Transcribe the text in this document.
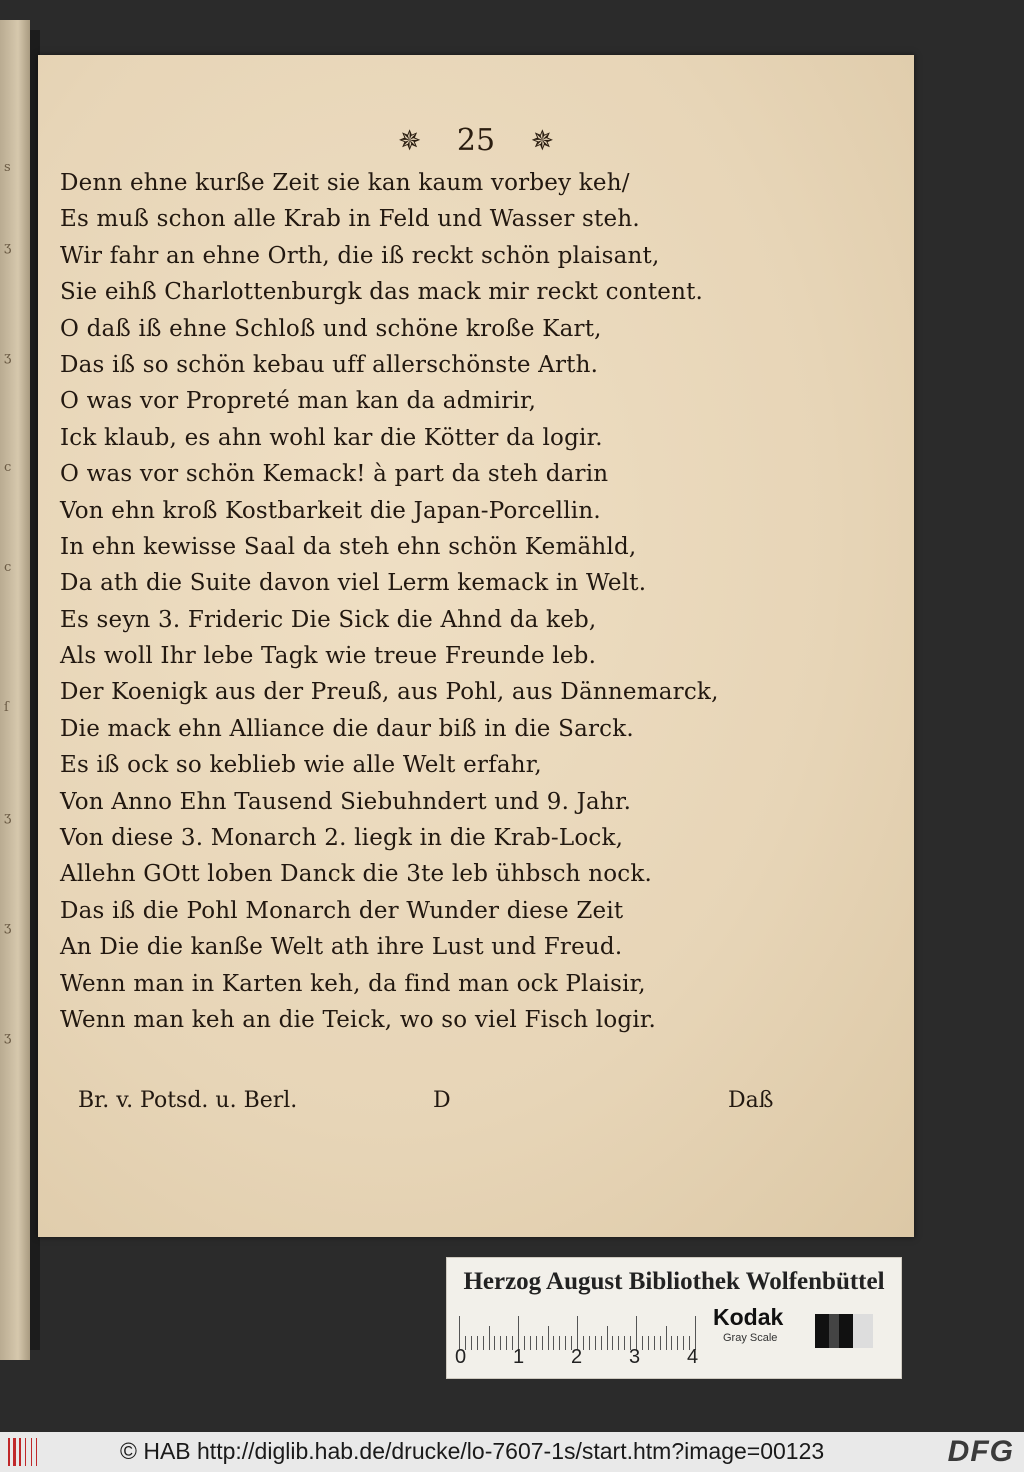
s
ʒ
ʒ
c
c
ſ
ʒ
ʒ
ʒ
✵ 25 ✵
Denn ehne kurße Zeit sie kan kaum vorbey keh/
Es muß schon alle Krab in Feld und Wasser steh.
Wir fahr an ehne Orth, die iß reckt schön plaisant,
Sie eihß Charlottenburgk das mack mir reckt content.
O daß iß ehne Schloß und schöne kroße Kart,
Das iß so schön kebau uff allerschönste Arth.
O was vor Propreté man kan da admirir,
Ick klaub, es ahn wohl kar die Kötter da logir.
O was vor schön Kemack! à part da steh darin
Von ehn kroß Kostbarkeit die Japan-Porcellin.
In ehn kewisse Saal da steh ehn schön Kemähld,
Da ath die Suite davon viel Lerm kemack in Welt.
Es seyn 3. Frideric Die Sick die Ahnd da keb,
Als woll Ihr lebe Tagk wie treue Freunde leb.
Der Koenigk aus der Preuß, aus Pohl, aus Dännemarck,
Die mack ehn Alliance die daur biß in die Sarck.
Es iß ock so keblieb wie alle Welt erfahr,
Von Anno Ehn Tausend Siebuhndert und 9. Jahr.
Von diese 3. Monarch 2. liegk in die Krab-Lock,
Allehn GOtt loben Danck die 3te leb ühbsch nock.
Das iß die Pohl Monarch der Wunder diese Zeit
An Die die kanße Welt ath ihre Lust und Freud.
Wenn man in Karten keh, da find man ock Plaisir,
Wenn man keh an die Teick, wo so viel Fisch logir.
Br. v. Potsd. u. Berl.	D	Daß
Herzog August Bibliothek Wolfenbüttel
0 1 2 3 4
Kodak
Gray Scale
© HAB http://diglib.hab.de/drucke/lo-7607-1s/start.htm?image=00123	DFG
